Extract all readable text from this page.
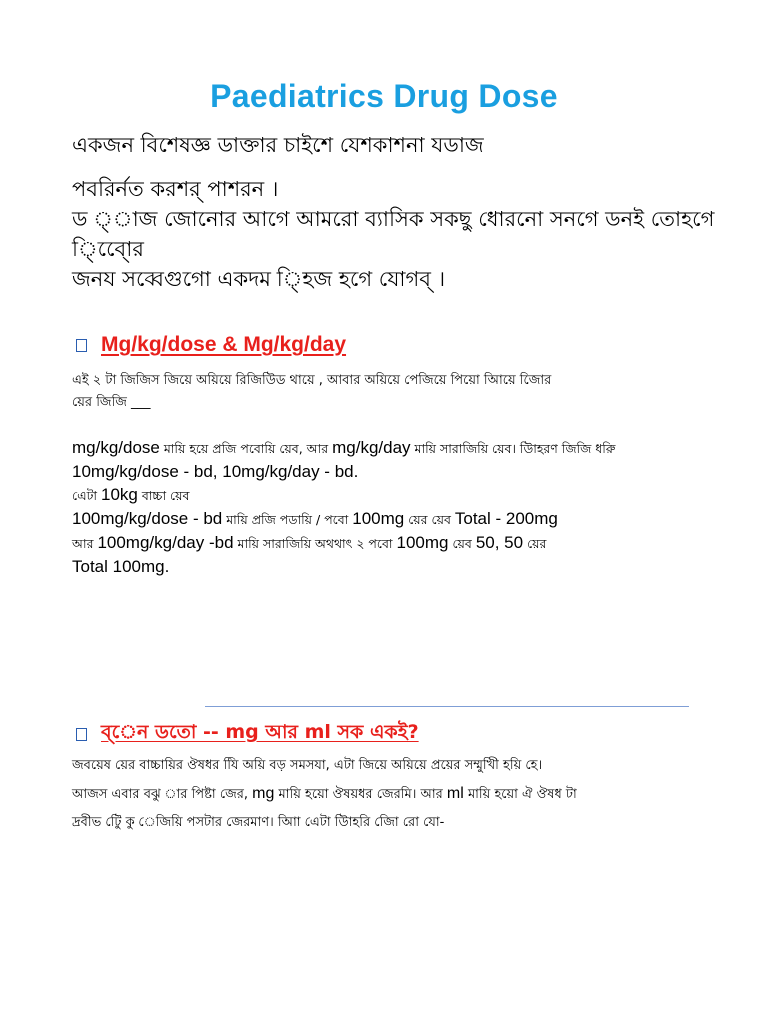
Paediatrics Drug Dose
একজন বিশেষজ্ঞ ডাক্তার চাইশে যেশকাশনা যডাজ
পবরির্নত করশর্ পাশরন ।
ড ্াজ জোনোর আগে আমরো ব্যাসিক সকছু ধোরনো সনগে ডনই তোহগে
ি্বে্োর
জনয সব্বেগুগো একদম ি্হজ হগে যোগব্ ।
Mg/kg/dose & Mg/kg/day
এই ২ টা জিজিস জিয়ে অয়িয়ে রিজিউিড থায়ে , আবার অয়িয়ে পেজিয়ে পিয়ো আিয়ে জোির
য়ের জিজি ___
mg/kg/dose মায়ি হয়ে প্রজি পবোয়ি য়েব, আর mg/kg/day মায়ি সারাজিয়ি য়েব। উিাহরণ জিজি ধরিু
10mg/kg/dose - bd, 10mg/kg/day - bd.
এেটা 10kg বাচ্চা য়েব
100mg/kg/dose - bd মায়ি প্রজি পডায়ি / পবো 100mg য়ের য়েব Total - 200mg
আর 100mg/kg/day -bd মায়ি সারাজিয়ি অথথাৎ ২ পবো 100mg য়েব 50, 50 য়ের
Total 100mg.
ব্েন ডতো -- mg আর ml সক একই?
জবয়েষ য়ের বাচ্চায়ির ঔষধর যিি অয়ি বড় সমসযা, এটা জিয়ে অয়িয়ে প্রয়ের সম্মুখীি হয়ি হে।
আজস এবার বঝু ার পিষ্টা জের, mg মায়ি হয়ো ঔষয়ধর জেরমি। আর ml মায়ি হয়ো ঐ ঔষধ টা
দ্রবীভ টিুে কু েজিয়ি পসটার জেরমাণ। আিা এেটা উিাহরি জিো রো যো-
